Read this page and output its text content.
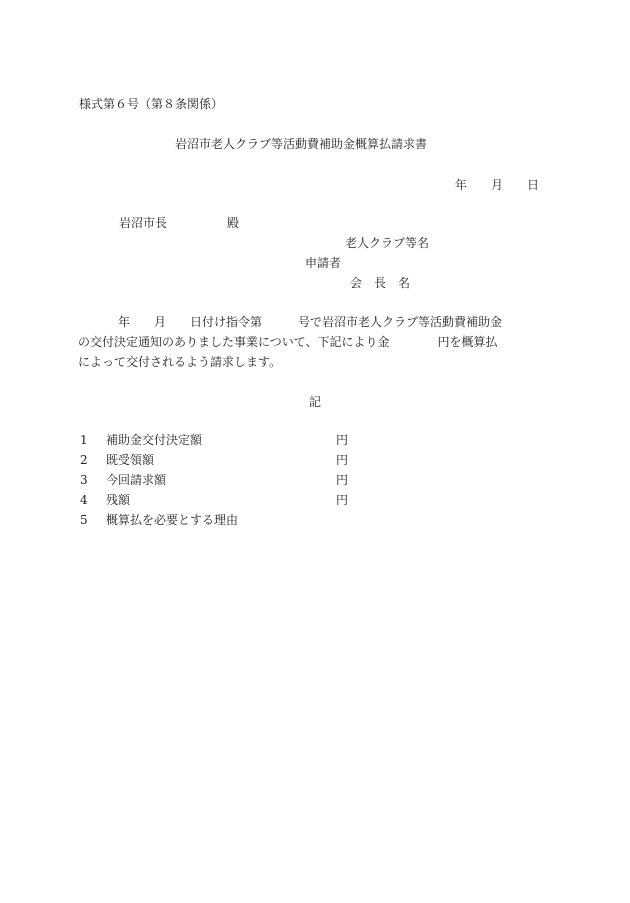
様式第６号（第８条関係）
岩沼市老人クラブ等活動費補助金概算払請求書
年　　月　　日
岩沼市長	殿
老人クラブ等名
申請者
会　長　名
年　　月　　日付け指令第　　　号で岩沼市老人クラブ等活動費補助金
の交付決定通知のありました事業について、下記により金　　　　円を概算払
によって交付されるよう請求します。
記
1 補助金交付決定額	円
2 既受領額	円
3 今回請求額	円
4 残額	円
5 概算払を必要とする理由
